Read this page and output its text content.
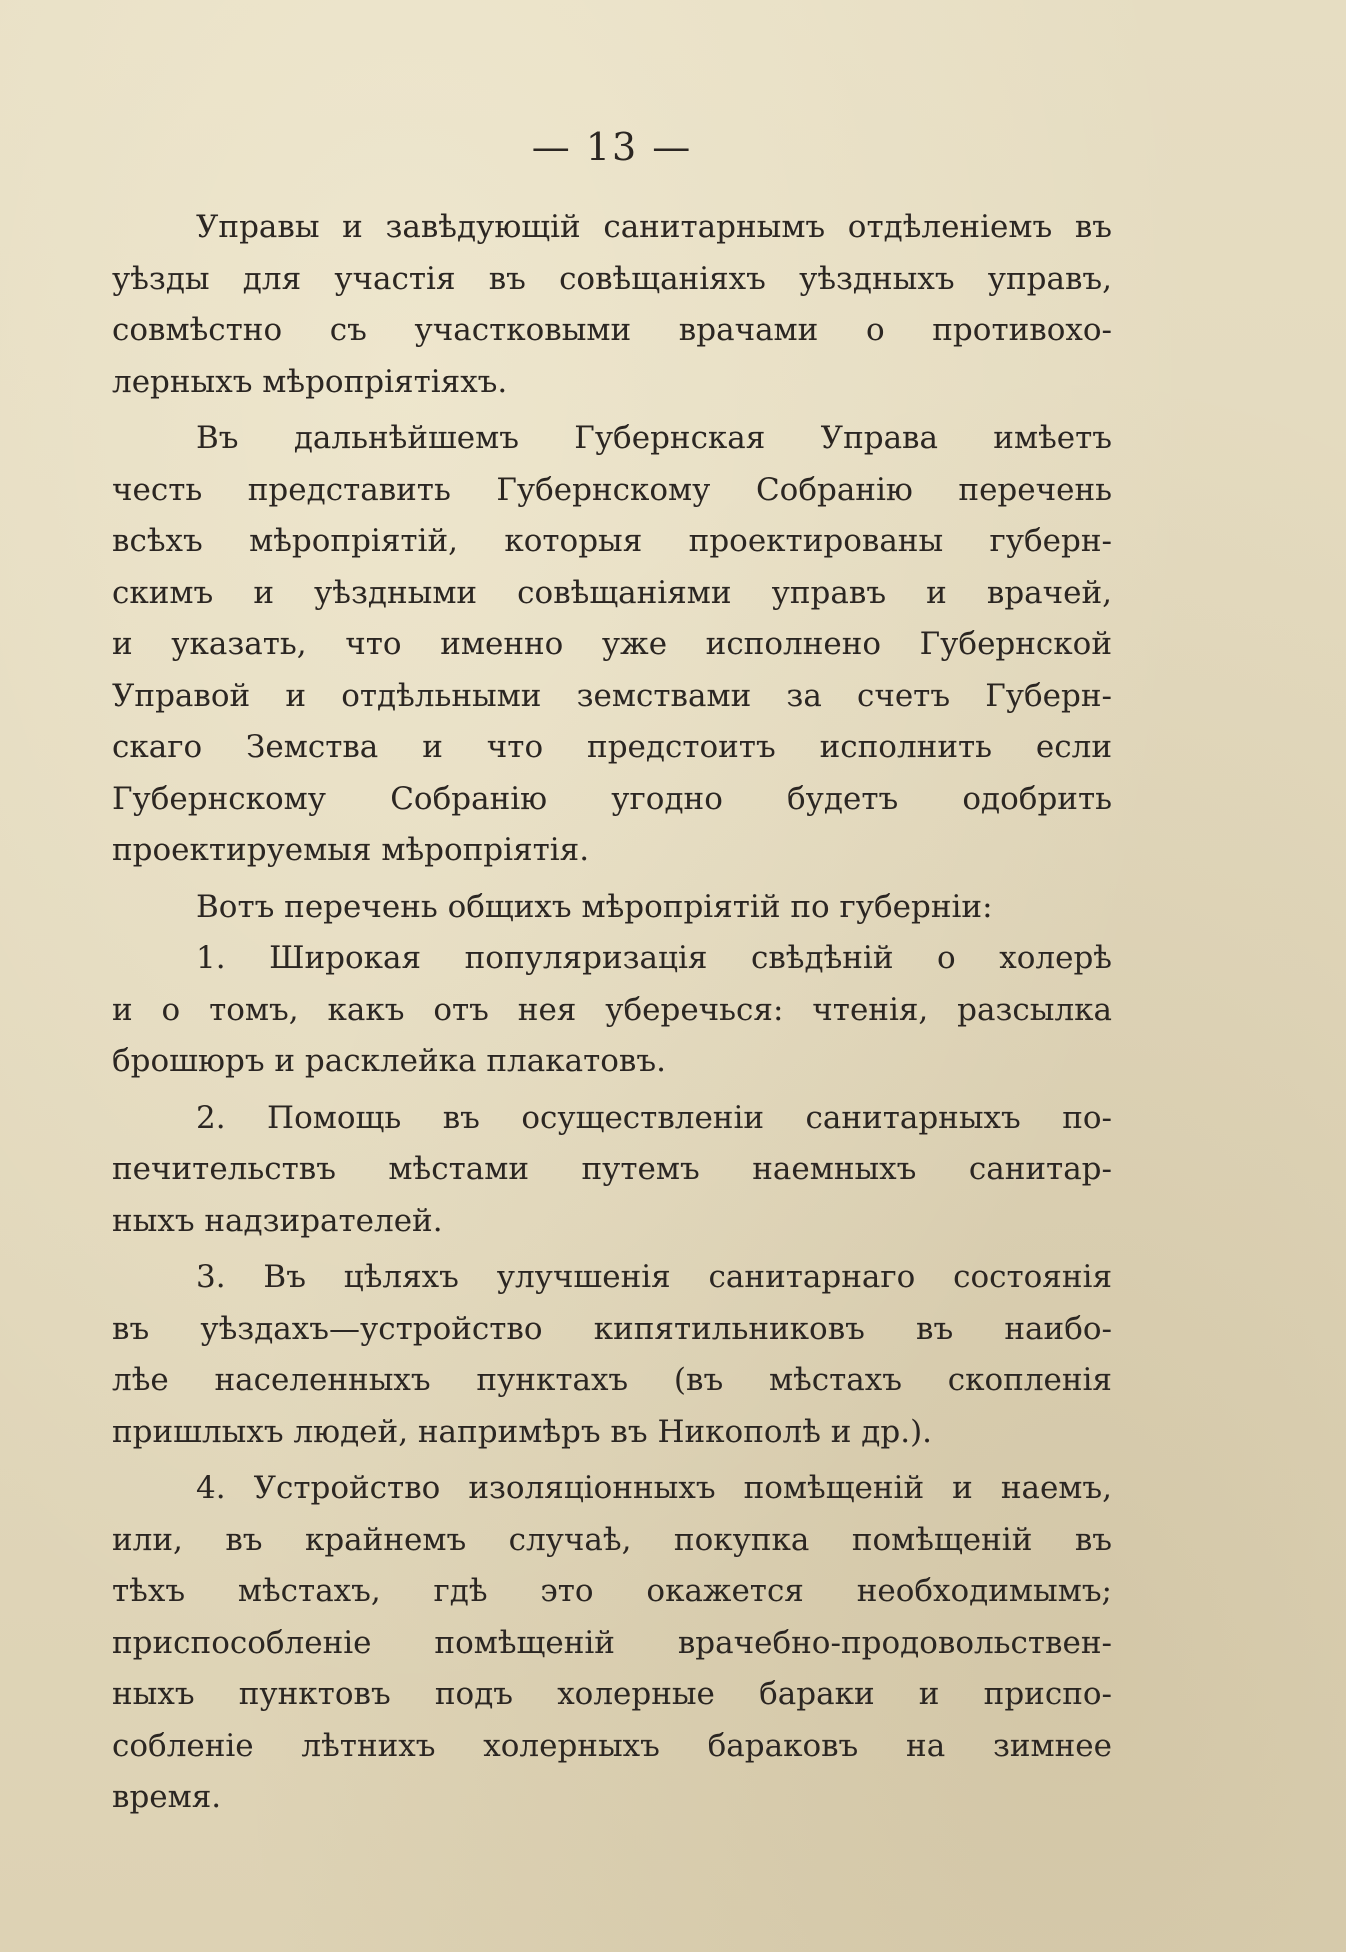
— 13 —
Управы и завѣдующій санитарнымъ отдѣленіемъ въ
уѣзды для участія въ совѣщаніяхъ уѣздныхъ управъ,
совмѣстно съ участковыми врачами о противохо-
лерныхъ мѣропріятіяхъ.
Въ дальнѣйшемъ Губернская Управа имѣетъ
честь представить Губернскому Собранію перечень
всѣхъ мѣропріятій, которыя проектированы губерн-
скимъ и уѣздными совѣщаніями управъ и врачей,
и указать, что именно уже исполнено Губернской
Управой и отдѣльными земствами за счетъ Губерн-
скаго Земства и что предстоитъ исполнить если
Губернскому Собранію угодно будетъ одобрить
проектируемыя мѣропріятія.
Вотъ перечень общихъ мѣропріятій по губерніи:
1. Широкая популяризація свѣдѣній о холерѣ
и о томъ, какъ отъ нея уберечься: чтенія, разсылка
брошюръ и расклейка плакатовъ.
2. Помощь въ осуществленіи санитарныхъ по-
печительствъ мѣстами путемъ наемныхъ санитар-
ныхъ надзирателей.
3. Въ цѣляхъ улучшенія санитарнаго состоянія
въ уѣздахъ—устройство кипятильниковъ въ наибо-
лѣе населенныхъ пунктахъ (въ мѣстахъ скопленія
пришлыхъ людей, напримѣръ въ Никополѣ и др.).
4. Устройство изоляціонныхъ помѣщеній и наемъ,
или, въ крайнемъ случаѣ, покупка помѣщеній въ
тѣхъ мѣстахъ, гдѣ это окажется необходимымъ;
приспособленіе помѣщеній врачебно-продовольствен-
ныхъ пунктовъ подъ холерные бараки и приспо-
собленіе лѣтнихъ холерныхъ бараковъ на зимнее
время.
